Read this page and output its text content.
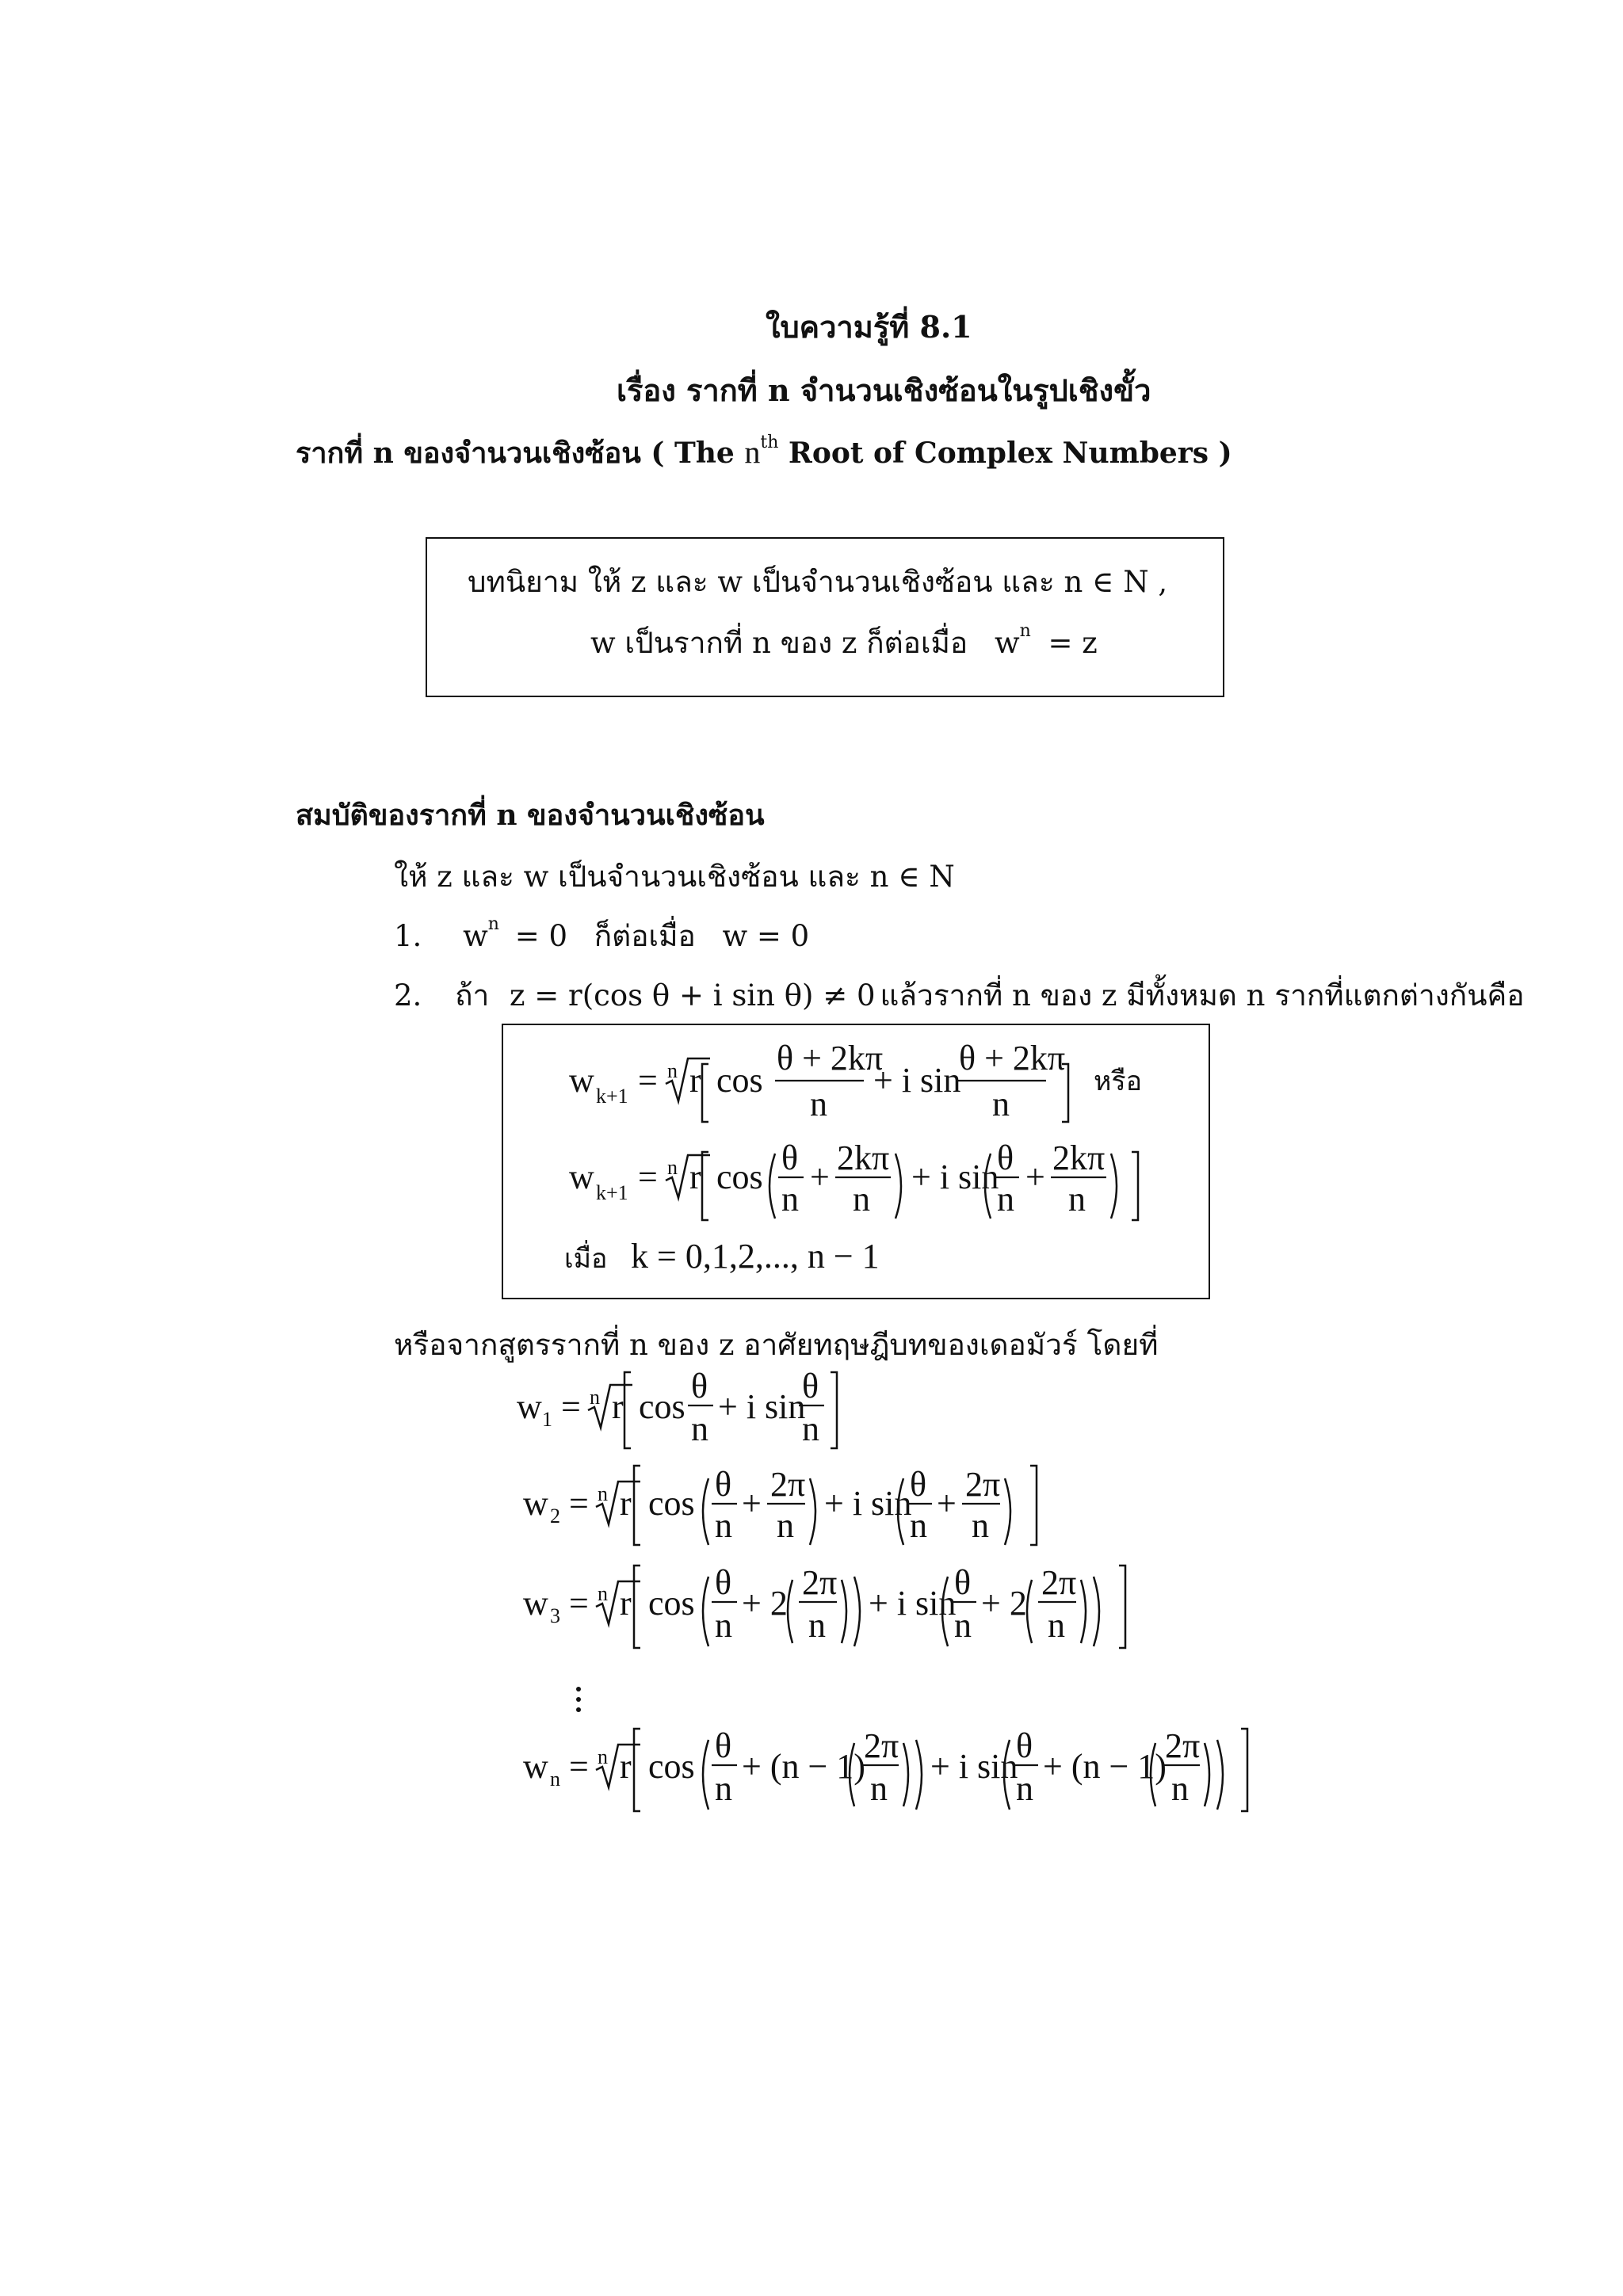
ใบความรู้ที่ 8.1
เรื่อง รากที่ n จำนวนเชิงซ้อนในรูปเชิงขั้ว
รากที่ n ของจำนวนเชิงซ้อน ( The $n^{th}$ Root of Complex Numbers )
บทนิยาม ให้ z และ w เป็นจำนวนเชิงซ้อน และ n ∈ N ,
w เป็นรากที่ n ของ z ก็ต่อเมื่อ $w^n = z$
สมบัติของรากที่ n ของจำนวนเชิงซ้อน
ให้ z และ w เป็นจำนวนเชิงซ้อน และ n ∈ N
1. $w^n = 0$ ก็ต่อเมื่อ w = 0
2. ถ้า z = r(cos θ + i sin θ) ≠ 0 แล้วรากที่ n ของ z มีทั้งหมด n รากที่แตกต่างกันคือ
หรือจากสูตรรากที่ n ของ z อาศัยทฤษฎีบทของเดอมัวร์ โดยที่
w k+1 = n r cos
θ + 2kπ
n
+ i sin
θ + 2kπ
n
หรือ
w k+1 = n r cos θ
n
+ 2kπ
n
+ i sin
θ
n
+ 2kπ
n
เมื่อ k = 0,1,2,..., n − 1
w 1 = n r cos
θ
n
+ i sin
θ
n
w 2 = n r cos θ
n
+ 2π
n
+ i sin
θ
n
+ 2π
n
w 3 = n r cos
θ
n
+ 2
2π
n
+ i sin
θ
n
+ 2
2π
n
w n = n r cos
θ
n
+ (n − 1)
2π
n
+ i sin
θ
n
+ (n − 1)
2π
n
